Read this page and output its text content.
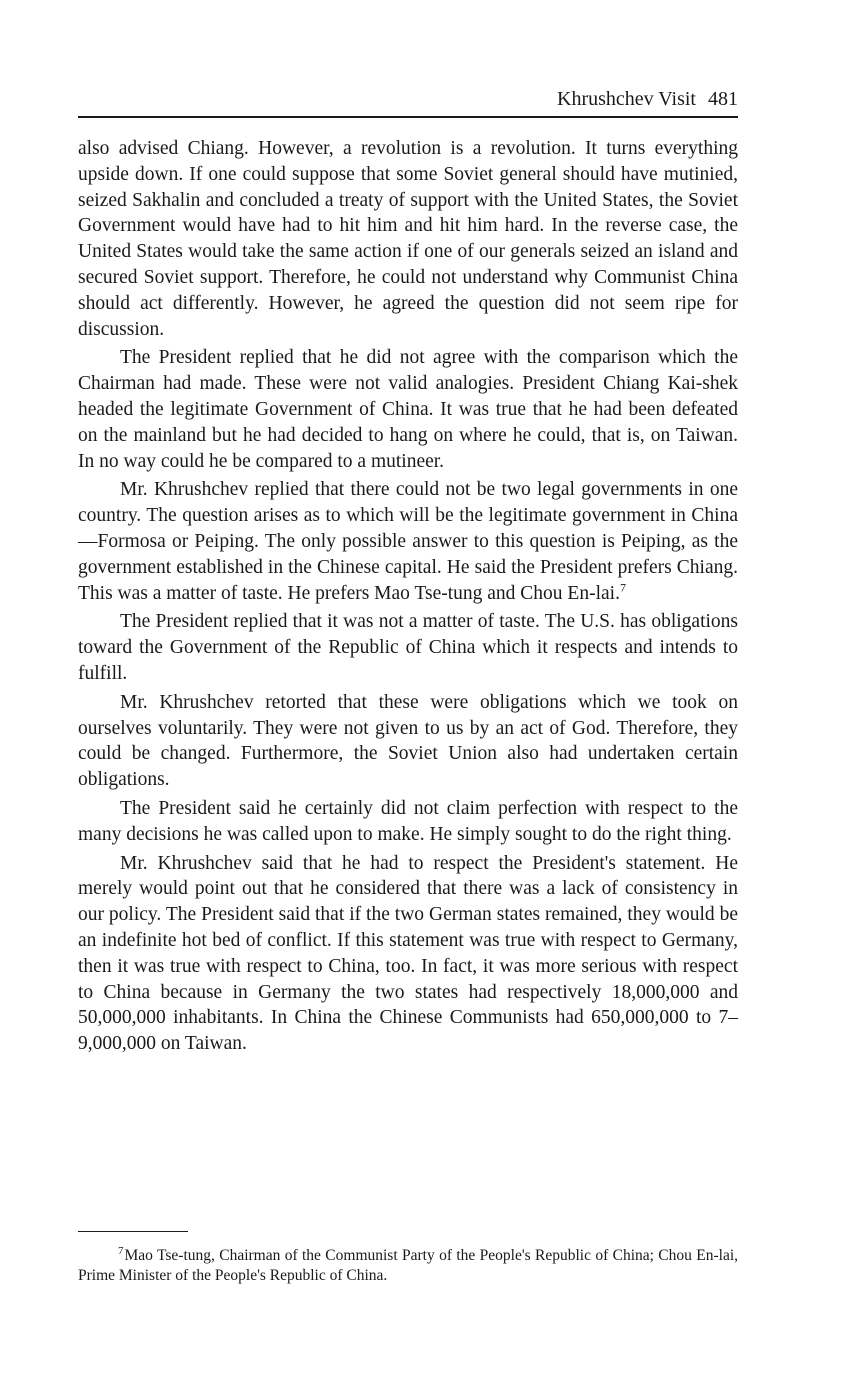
Khrushchev Visit 481

also advised Chiang. However, a revolution is a revolution. It turns everything upside down. If one could suppose that some Soviet general should have mutinied, seized Sakhalin and concluded a treaty of support with the United States, the Soviet Government would have had to hit him and hit him hard. In the reverse case, the United States would take the same action if one of our generals seized an island and secured Soviet support. Therefore, he could not understand why Communist China should act differently. However, he agreed the question did not seem ripe for discussion.

The President replied that he did not agree with the comparison which the Chairman had made. These were not valid analogies. President Chiang Kai-shek headed the legitimate Government of China. It was true that he had been defeated on the mainland but he had decided to hang on where he could, that is, on Taiwan. In no way could he be compared to a mutineer.

Mr. Khrushchev replied that there could not be two legal governments in one country. The question arises as to which will be the legitimate government in China—Formosa or Peiping. The only possible answer to this question is Peiping, as the government established in the Chinese capital. He said the President prefers Chiang. This was a matter of taste. He prefers Mao Tse-tung and Chou En-lai.$^7$

The President replied that it was not a matter of taste. The U.S. has obligations toward the Government of the Republic of China which it respects and intends to fulfill.

Mr. Khrushchev retorted that these were obligations which we took on ourselves voluntarily. They were not given to us by an act of God. Therefore, they could be changed. Furthermore, the Soviet Union also had undertaken certain obligations.

The President said he certainly did not claim perfection with respect to the many decisions he was called upon to make. He simply sought to do the right thing.

Mr. Khrushchev said that he had to respect the President's statement. He merely would point out that he considered that there was a lack of consistency in our policy. The President said that if the two German states remained, they would be an indefinite hot bed of conflict. If this statement was true with respect to Germany, then it was true with respect to China, too. In fact, it was more serious with respect to China because in Germany the two states had respectively 18,000,000 and 50,000,000 inhabitants. In China the Chinese Communists had 650,000,000 to 7–9,000,000 on Taiwan.

$^7$Mao Tse-tung, Chairman of the Communist Party of the People's Republic of China; Chou En-lai, Prime Minister of the People's Republic of China.
